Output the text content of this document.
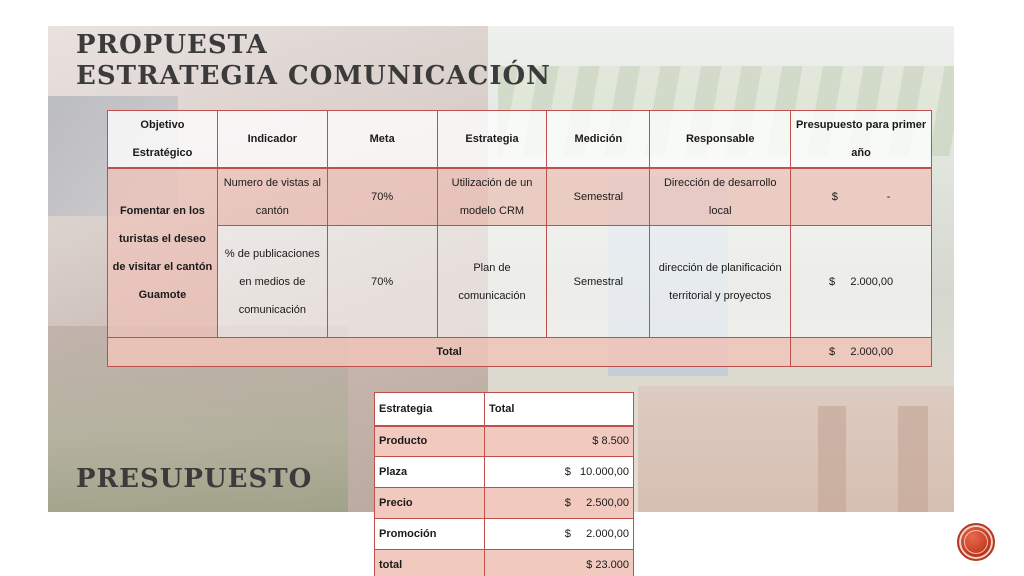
PROPUESTA
ESTRATEGIA COMUNICACIÓN
Objetivo Estratégico	Indicador	Meta	Estrategia	Medición	Responsable	Presupuesto para primer año
Fomentar en los turistas el deseo de visitar el cantón Guamote	Numero de vistas al cantón	70%	Utilización de un modelo CRM	Semestral	Dirección de desarrollo local	$                -
	% de publicaciones en medios de comunicación	70%	Plan de comunicación	Semestral	dirección de planificación territorial y proyectos	$     2.000,00
Total						$     2.000,00
PRESUPUESTO
Estrategia	Total
Producto	$ 8.500
Plaza	$   10.000,00
Precio	$     2.500,00
Promoción	$     2.000,00
total	$ 23.000
